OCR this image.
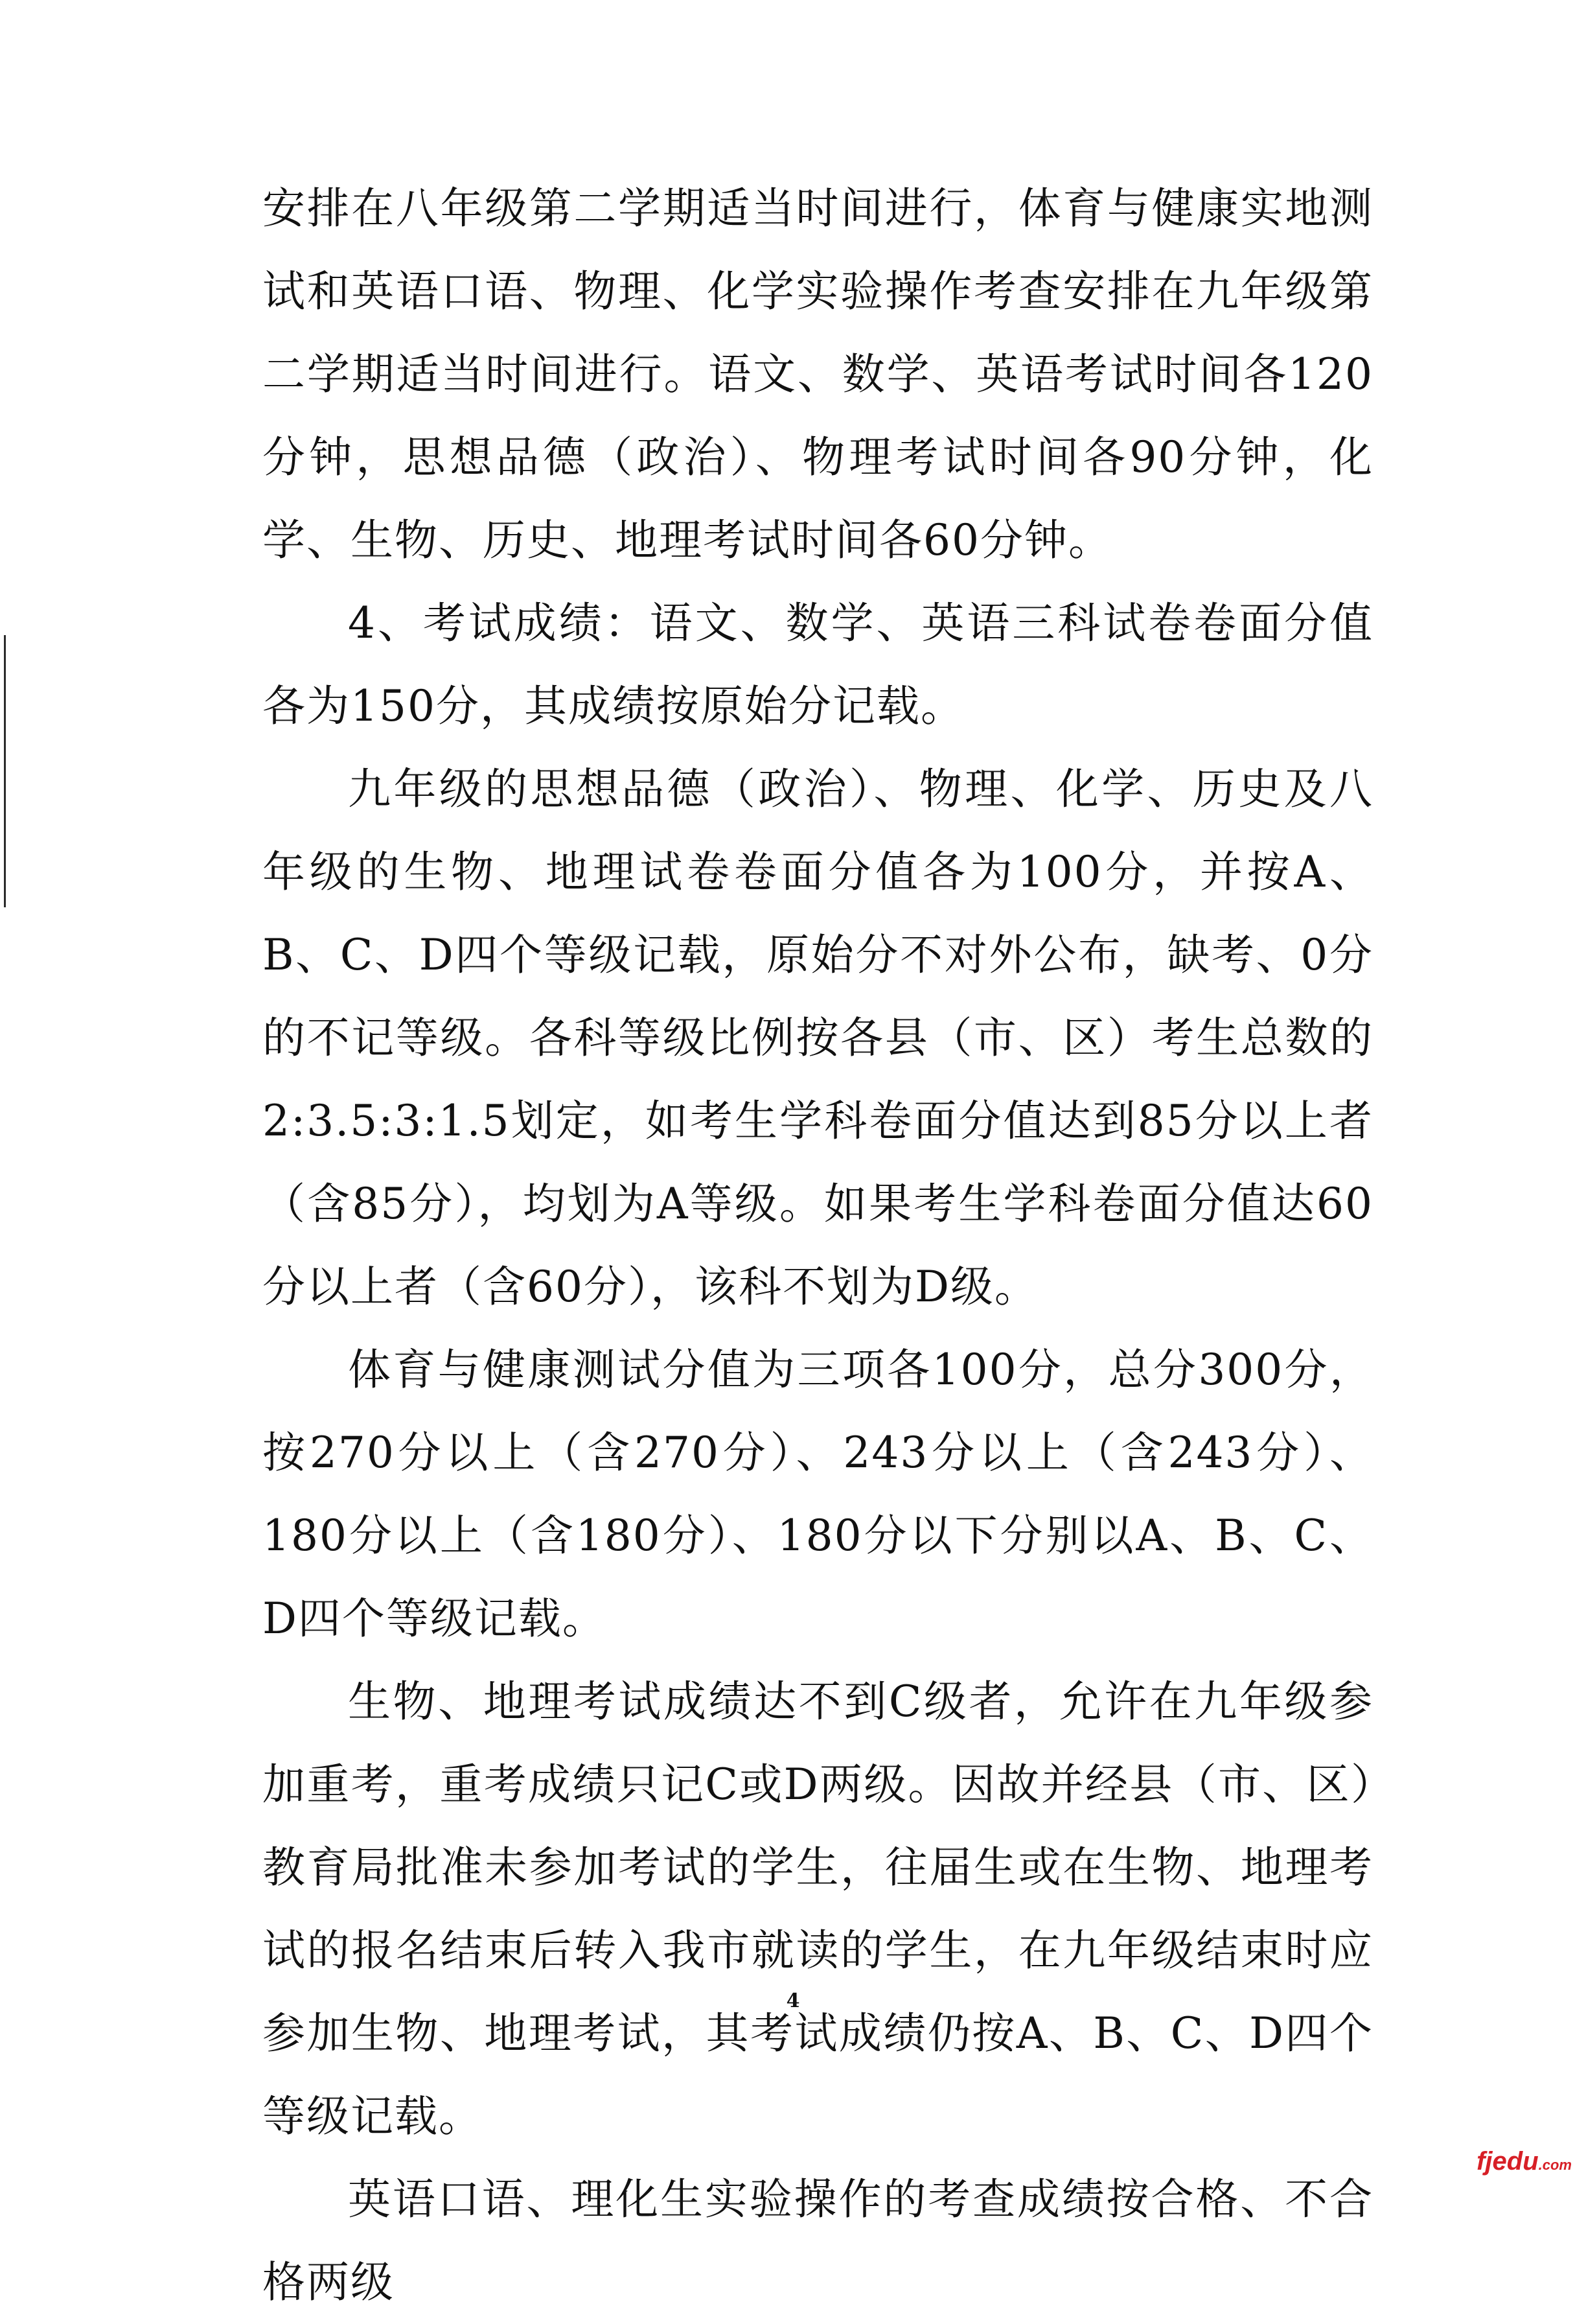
安排在八年级第二学期适当时间进行，体育与健康实地测试和英语口语、物理、化学实验操作考查安排在九年级第二学期适当时间进行。语文、数学、英语考试时间各120分钟，思想品德（政治）、物理考试时间各90分钟，化学、生物、历史、地理考试时间各60分钟。

4、考试成绩：语文、数学、英语三科试卷卷面分值各为150分，其成绩按原始分记载。

九年级的思想品德（政治）、物理、化学、历史及八年级的生物、地理试卷卷面分值各为100分，并按A、B、C、D四个等级记载，原始分不对外公布，缺考、0分的不记等级。各科等级比例按各县（市、区）考生总数的2:3.5:3:1.5划定，如考生学科卷面分值达到85分以上者（含85分），均划为A等级。如果考生学科卷面分值达60分以上者（含60分），该科不划为D级。

体育与健康测试分值为三项各100分，总分300分，按270分以上（含270分）、243分以上（含243分）、180分以上（含180分）、180分以下分别以A、B、C、D四个等级记载。

生物、地理考试成绩达不到C级者，允许在九年级参加重考，重考成绩只记C或D两级。因故并经县（市、区）教育局批准未参加考试的学生，往届生或在生物、地理考试的报名结束后转入我市就读的学生，在九年级结束时应参加生物、地理考试，其考试成绩仍按A、B、C、D四个等级记载。

英语口语、理化生实验操作的考查成绩按合格、不合格两级

4
fjedu.com
